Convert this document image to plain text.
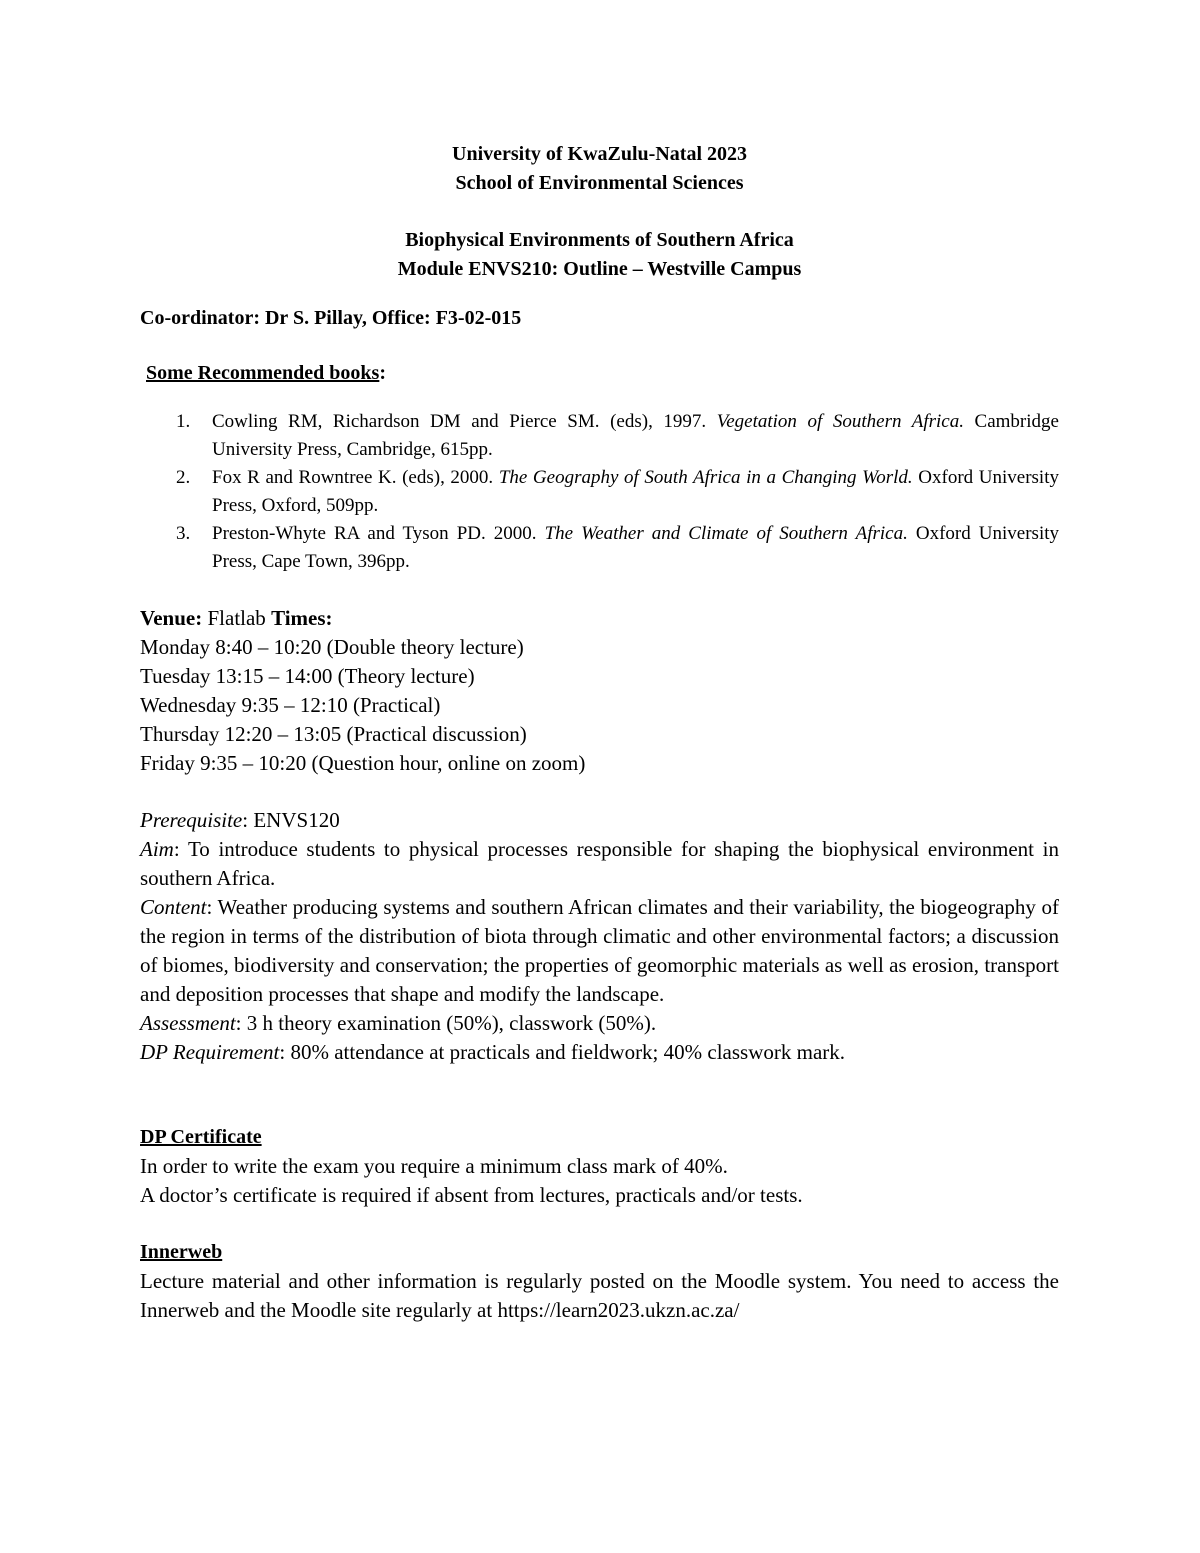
University of KwaZulu-Natal 2023
School of Environmental Sciences
Biophysical Environments of Southern Africa
Module ENVS210: Outline – Westville Campus
Co-ordinator: Dr S. Pillay, Office: F3-02-015
Some Recommended books:
1. Cowling RM, Richardson DM and Pierce SM. (eds), 1997. Vegetation of Southern Africa. Cambridge University Press, Cambridge, 615pp.
2. Fox R and Rowntree K. (eds), 2000. The Geography of South Africa in a Changing World. Oxford University Press, Oxford, 509pp.
3. Preston-Whyte RA and Tyson PD. 2000. The Weather and Climate of Southern Africa. Oxford University Press, Cape Town, 396pp.
Venue: Flatlab Times:
Monday 8:40 – 10:20 (Double theory lecture)
Tuesday 13:15 – 14:00 (Theory lecture)
Wednesday 9:35 – 12:10 (Practical)
Thursday 12:20 – 13:05 (Practical discussion)
Friday 9:35 – 10:20 (Question hour, online on zoom)
Prerequisite: ENVS120
Aim: To introduce students to physical processes responsible for shaping the biophysical environment in southern Africa.
Content: Weather producing systems and southern African climates and their variability, the biogeography of the region in terms of the distribution of biota through climatic and other environmental factors; a discussion of biomes, biodiversity and conservation; the properties of geomorphic materials as well as erosion, transport and deposition processes that shape and modify the landscape.
Assessment: 3 h theory examination (50%), classwork (50%).
DP Requirement: 80% attendance at practicals and fieldwork; 40% classwork mark.
DP Certificate
In order to write the exam you require a minimum class mark of 40%.
A doctor’s certificate is required if absent from lectures, practicals and/or tests.
Innerweb
Lecture material and other information is regularly posted on the Moodle system. You need to access the Innerweb and the Moodle site regularly at https://learn2023.ukzn.ac.za/
